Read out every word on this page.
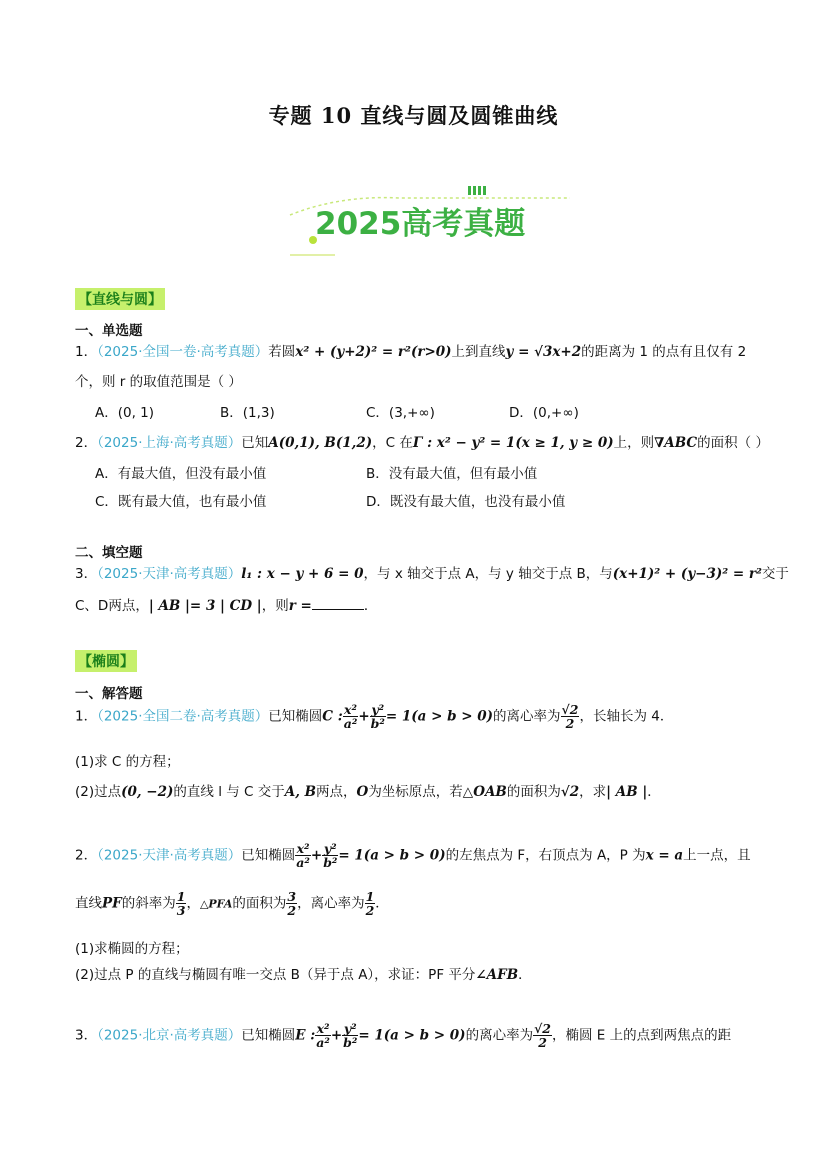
专题 10 直线与圆及圆锥曲线
2025高考真题
【直线与圆】
一、单选题
1．（2025·全国一卷·高考真题）若圆x² + (y+2)² = r²(r>0)上到直线y = √3x+2的距离为 1 的点有且仅有 2
个，则 r 的取值范围是（ ）
A．(0, 1)	B．(1,3)	C．(3,+∞)	D．(0,+∞)
2．（2025·上海·高考真题）已知A(0,1), B(1,2)，C 在Γ : x² − y² = 1(x ≥ 1, y ≥ 0)上，则∇ABC的面积（ ）
A．有最大值，但没有最小值	B．没有最大值，但有最小值
C．既有最大值，也有最小值	D．既没有最大值，也没有最小值
二、填空题
3．（2025·天津·高考真题）l₁ : x − y + 6 = 0，与 x 轴交于点 A，与 y 轴交于点 B，与(x+1)² + (y−3)² = r²交于
C、D两点，| AB |= 3 | CD |，则r =	．
【椭圆】
一、解答题
1．（2025·全国二卷·高考真题）已知椭圆C : $\frac{\text{x²}}{\text{a²}} + \frac{\text{y²}}{\text{b²}} = 1(a > b > 0)$的离心率为 $\frac{√2}{2}$ ，长轴长为 4．
(1)求 C 的方程；
(2)过点(0, −2)的直线 l 与 C 交于A, B两点，O为坐标原点，若△OAB的面积为√2，求| AB |．
2．（2025·天津·高考真题）已知椭圆 $\frac{\text{x²}}{\text{a²}} + \frac{\text{y²}}{\text{b²}} = 1(a > b > 0)$的左焦点为 F，右顶点为 A，P 为x = a上一点，且
直线PF的斜率为 $\frac{1}{3}$ ，△PFA的面积为 $\frac{3}{2}$ ，离心率为 $\frac{1}{2}$ ．
(1)求椭圆的方程；
(2)过点 P 的直线与椭圆有唯一交点 B（异于点 A），求证：PF 平分∠AFB．
3．（2025·北京·高考真题）已知椭圆E : $\frac{\text{x²}}{\text{a²}} + \frac{\text{y²}}{\text{b²}} = 1(a > b > 0)$的离心率为 $\frac{√2}{2}$ ，椭圆 E 上的点到两焦点的距
